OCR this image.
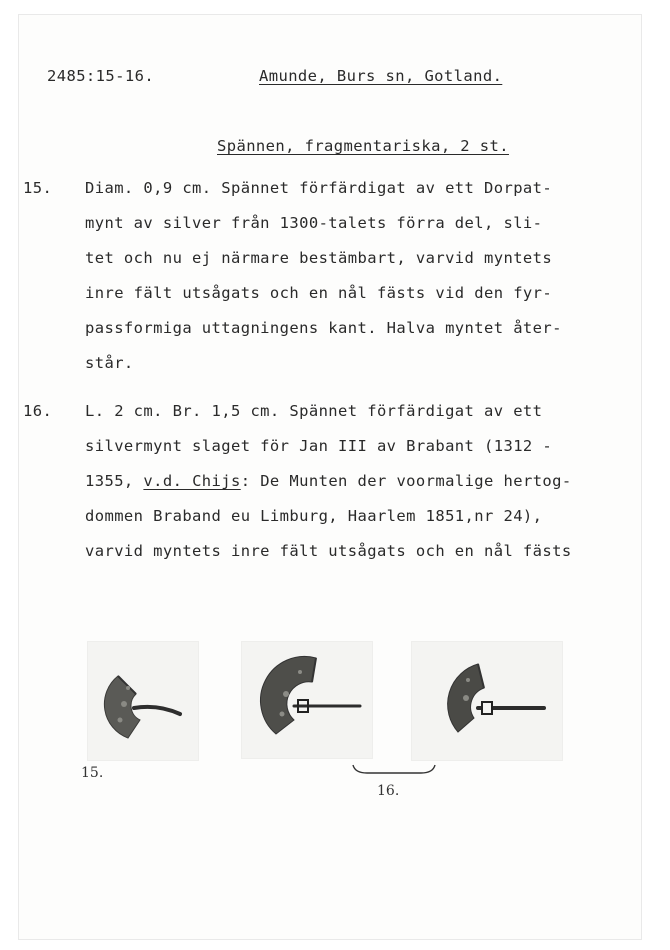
2485:15-16.	Amunde, Burs sn, Gotland.
Spännen, fragmentariska, 2 st.
15. Diam. 0,9 cm. Spännet förfärdigat av ett Dorpat-
mynt av silver från 1300-talets förra del, sli-
tet och nu ej närmare bestämbart, varvid myntets
inre fält utsågats och en nål fästs vid den fyr-
passformiga uttagningens kant. Halva myntet åter-
står.
16. L. 2 cm. Br. 1,5 cm. Spännet förfärdigat av ett
silvermynt slaget för Jan III av Brabant (1312 -
1355, v.d. Chijs: De Munten der voormalige hertog-
dommen Braband eu Limburg, Haarlem 1851,nr 24),
varvid myntets inre fält utsågats och en nål fästs
15.
16.
